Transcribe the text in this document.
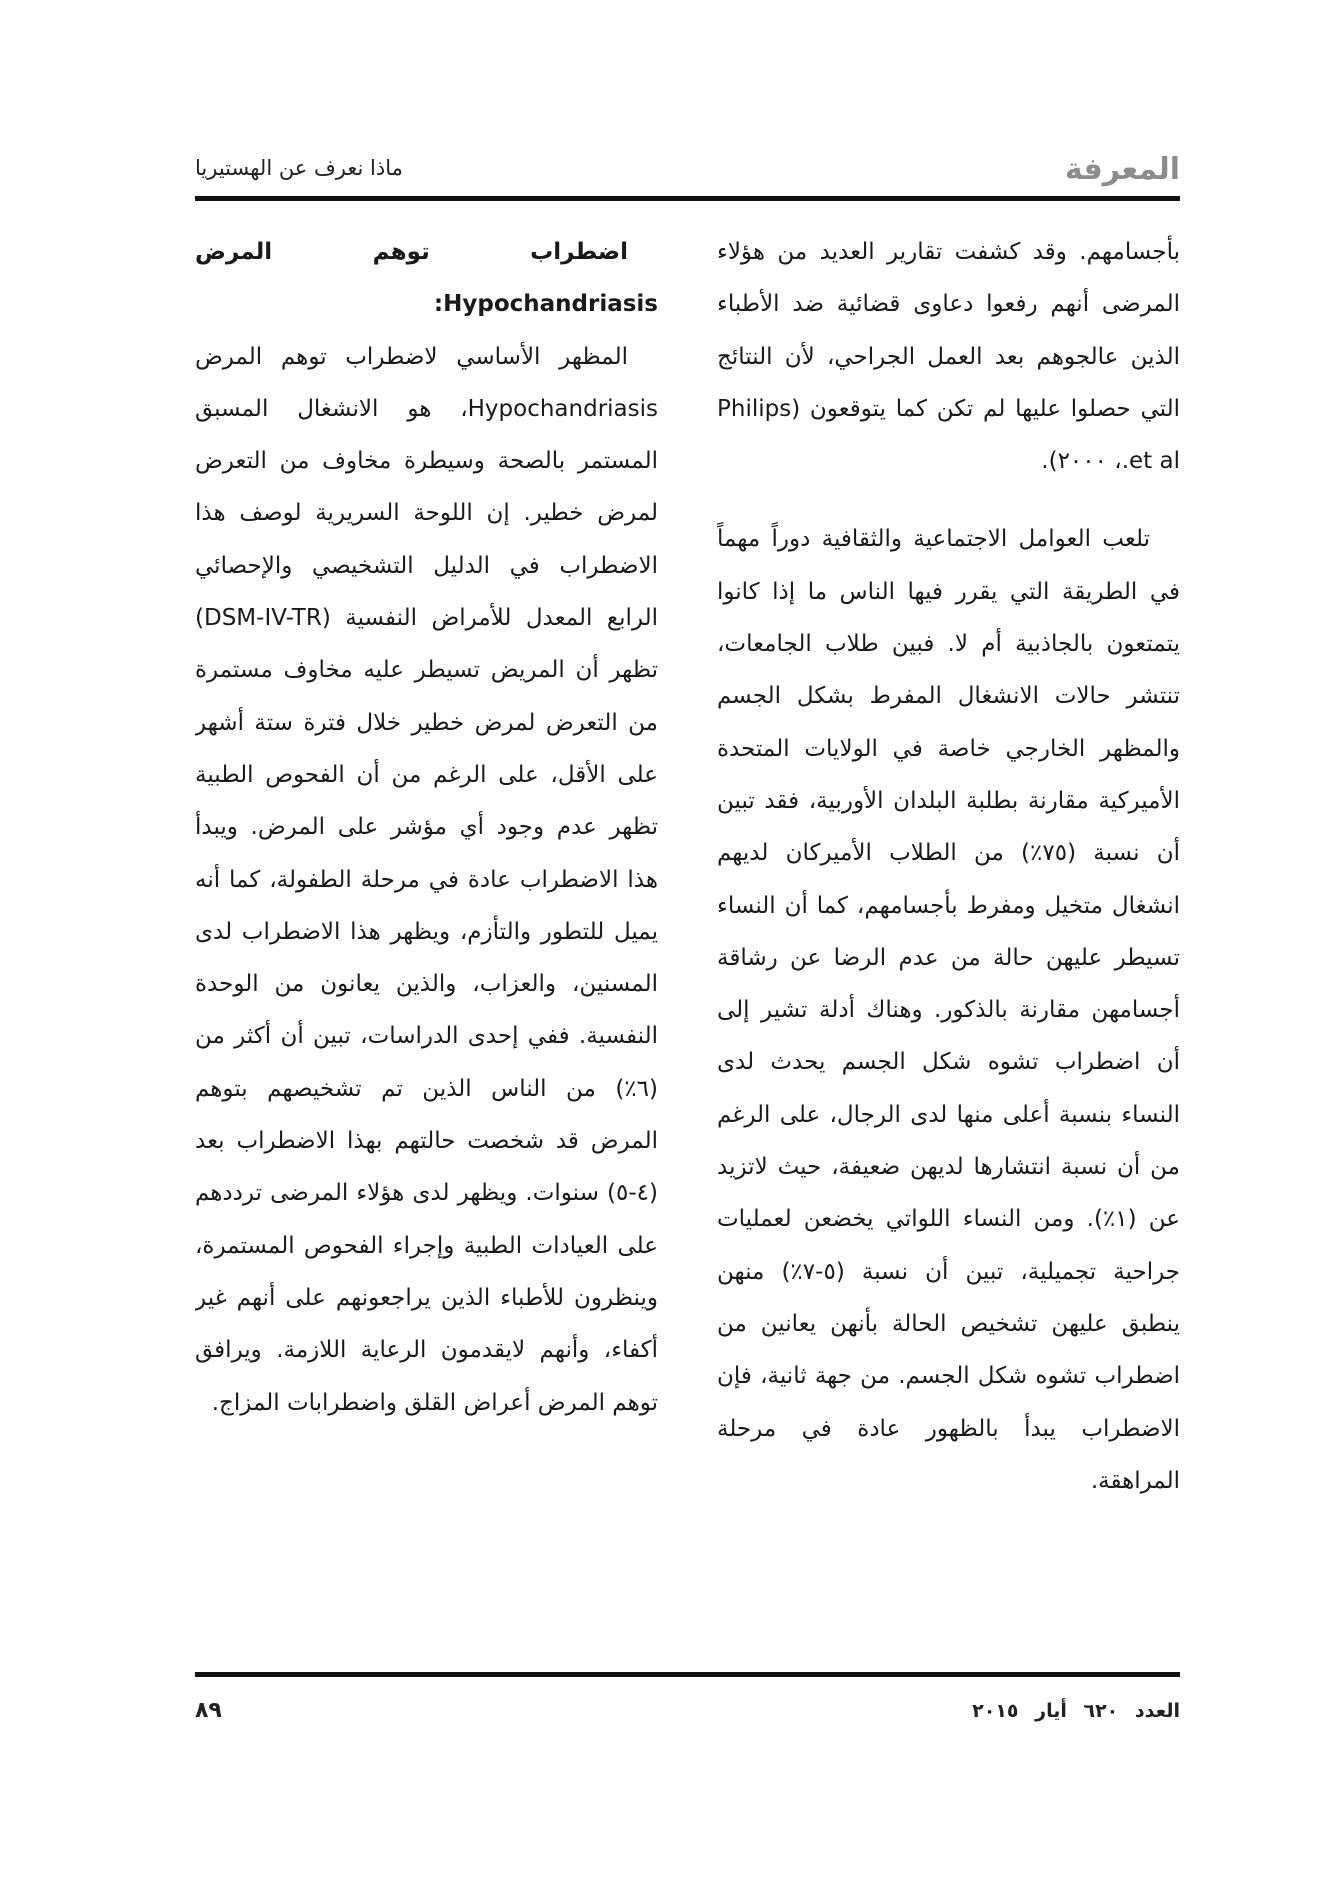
المعرفة
ماذا نعرف عن الهستيريا

بأجسامهم. وقد كشفت تقارير العديد من هؤلاء المرضى أنهم رفعوا دعاوى قضائية ضد الأطباء الذين عالجوهم بعد العمل الجراحي، لأن النتائج التي حصلوا عليها لم تكن كما يتوقعون (Philips et al.، ٢٠٠٠).

تلعب العوامل الاجتماعية والثقافية دوراً مهماً في الطريقة التي يقرر فيها الناس ما إذا كانوا يتمتعون بالجاذبية أم لا. فبين طلاب الجامعات، تنتشر حالات الانشغال المفرط بشكل الجسم والمظهر الخارجي خاصة في الولايات المتحدة الأميركية مقارنة بطلبة البلدان الأوربية، فقد تبين أن نسبة (٧٥٪) من الطلاب الأميركان لديهم انشغال متخيل ومفرط بأجسامهم، كما أن النساء تسيطر عليهن حالة من عدم الرضا عن رشاقة أجسامهن مقارنة بالذكور. وهناك أدلة تشير إلى أن اضطراب تشوه شكل الجسم يحدث لدى النساء بنسبة أعلى منها لدى الرجال، على الرغم من أن نسبة انتشارها لديهن ضعيفة، حيث لاتزيد عن (١٪). ومن النساء اللواتي يخضعن لعمليات جراحية تجميلية، تبين أن نسبة (٥-٧٪) منهن ينطبق عليهن تشخيص الحالة بأنهن يعانين من اضطراب تشوه شكل الجسم. من جهة ثانية، فإن الاضطراب يبدأ بالظهور عادة في مرحلة المراهقة.

اضطراب توهم المرض Hypochandriasis:

المظهر الأساسي لاضطراب توهم المرض Hypochandriasis، هو الانشغال المسبق المستمر بالصحة وسيطرة مخاوف من التعرض لمرض خطير. إن اللوحة السريرية لوصف هذا الاضطراب في الدليل التشخيصي والإحصائي الرابع المعدل للأمراض النفسية (DSM-IV-TR) تظهر أن المريض تسيطر عليه مخاوف مستمرة من التعرض لمرض خطير خلال فترة ستة أشهر على الأقل، على الرغم من أن الفحوص الطبية تظهر عدم وجود أي مؤشر على المرض. ويبدأ هذا الاضطراب عادة في مرحلة الطفولة، كما أنه يميل للتطور والتأزم، ويظهر هذا الاضطراب لدى المسنين، والعزاب، والذين يعانون من الوحدة النفسية. ففي إحدى الدراسات، تبين أن أكثر من (٦٪) من الناس الذين تم تشخيصهم بتوهم المرض قد شخصت حالتهم بهذا الاضطراب بعد (٤-٥) سنوات. ويظهر لدى هؤلاء المرضى ترددهم على العيادات الطبية وإجراء الفحوص المستمرة، وينظرون للأطباء الذين يراجعونهم على أنهم غير أكفاء، وأنهم لايقدمون الرعاية اللازمة. ويرافق توهم المرض أعراض القلق واضطرابات المزاج.

العدد ٦٢٠ أيار ٢٠١٥
٨٩
